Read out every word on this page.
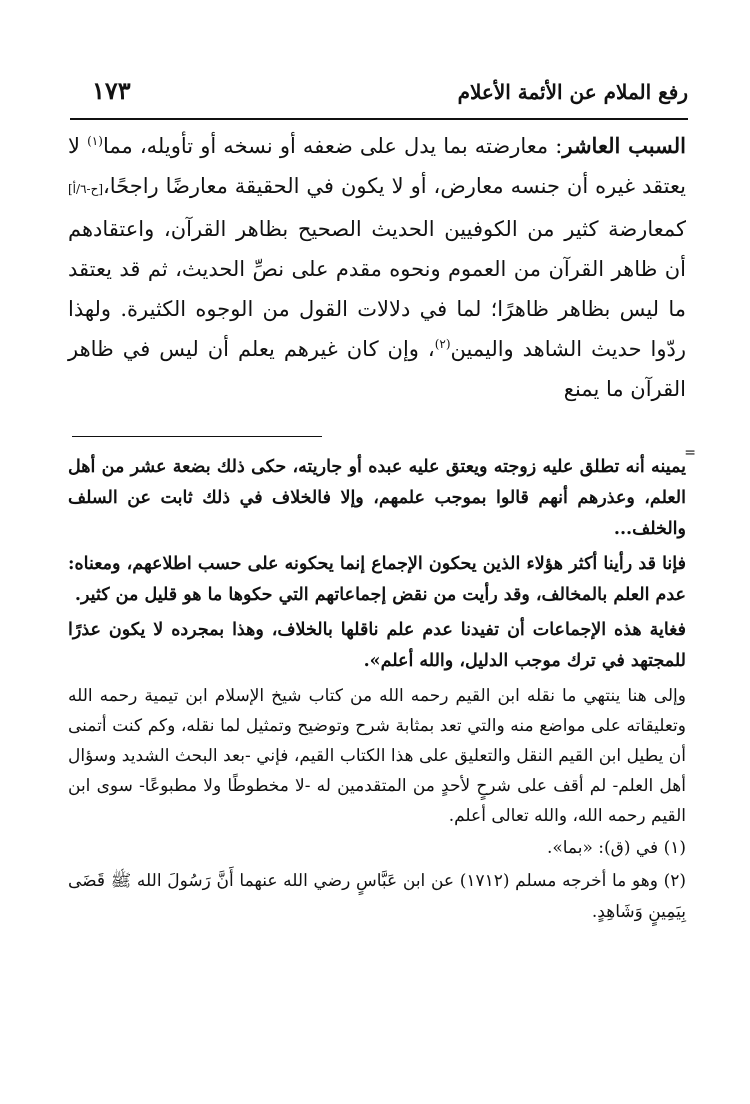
رفع الملام عن الأئمة الأعلام
١٧٣
السبب العاشر: معارضته بما يدل على ضعفه أو نسخه أو تأويله، مما$^{(١)}$ لا يعتقد غيره أن جنسه معارض، أو لا يكون في الحقيقة معارضًا راجحًا،[ح-٦/أ] كمعارضة كثير من الكوفيين الحديث الصحيح بظاهر القرآن، واعتقادهم أن ظاهر القرآن من العموم ونحوه مقدم على نصِّ الحديث، ثم قد يعتقد ما ليس بظاهر ظاهرًا؛ لما في دلالات القول من الوجوه الكثيرة. ولهذا ردّوا حديث الشاهد واليمين$^{(٢)}$، وإن كان غيرهم يعلم أن ليس في ظاهر القرآن ما يمنع
=

يمينه أنه تطلق عليه زوجته ويعتق عليه عبده أو جاريته، حكى ذلك بضعة عشر من أهل العلم، وعذرهم أنهم قالوا بموجب علمهم، وإلا فالخلاف في ذلك ثابت عن السلف والخلف...

فإنا قد رأينا أكثر هؤلاء الذين يحكون الإجماع إنما يحكونه على حسب اطلاعهم، ومعناه: عدم العلم بالمخالف، وقد رأيت من نقض إجماعاتهم التي حكوها ما هو قليل من كثير.

فغاية هذه الإجماعات أن تفيدنا عدم علم ناقلها بالخلاف، وهذا بمجرده لا يكون عذرًا للمجتهد في ترك موجب الدليل، والله أعلم».

وإلى هنا ينتهي ما نقله ابن القيم رحمه الله من كتاب شيخ الإسلام ابن تيمية رحمه الله وتعليقاته على مواضع منه والتي تعد بمثابة شرح وتوضيح وتمثيل لما نقله، وكم كنت أتمنى أن يطيل ابن القيم النقل والتعليق على هذا الكتاب القيم، فإني -بعد البحث الشديد وسؤال أهل العلم- لم أقف على شرحٍ لأحدٍ من المتقدمين له -لا مخطوطًا ولا مطبوعًا- سوى ابن القيم رحمه الله، والله تعالى أعلم.

(١) في (ق): «بما».

(٢) وهو ما أخرجه مسلم (١٧١٢) عن ابن عَبَّاسٍ رضي الله عنهما أَنَّ رَسُولَ الله ﷺ قَضَى بِيَمِينٍ وَشَاهِدٍ.
